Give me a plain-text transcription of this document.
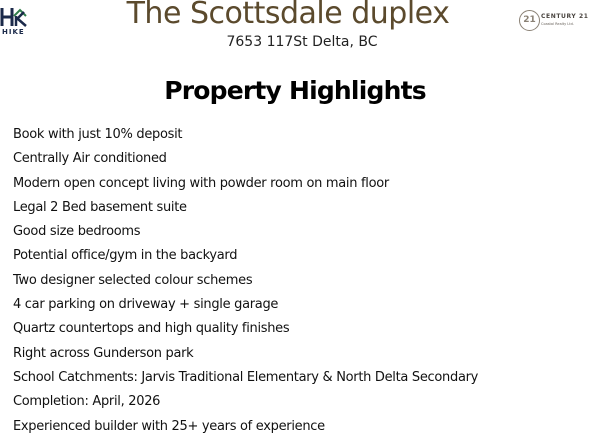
HIKE
21 CENTURY 21
Coastal Realty Ltd.
The Scottsdale duplex
7653 117St Delta, BC
Property Highlights
Book with just 10% deposit
Centrally Air conditioned
Modern open concept living with powder room on main floor
Legal 2 Bed basement suite
Good size bedrooms
Potential office/gym in the backyard
Two designer selected colour schemes
4 car parking on driveway + single garage
Quartz countertops and high quality finishes
Right across Gunderson park
School Catchments: Jarvis Traditional Elementary & North Delta Secondary
Completion: April, 2026
Experienced builder with 25+ years of experience
